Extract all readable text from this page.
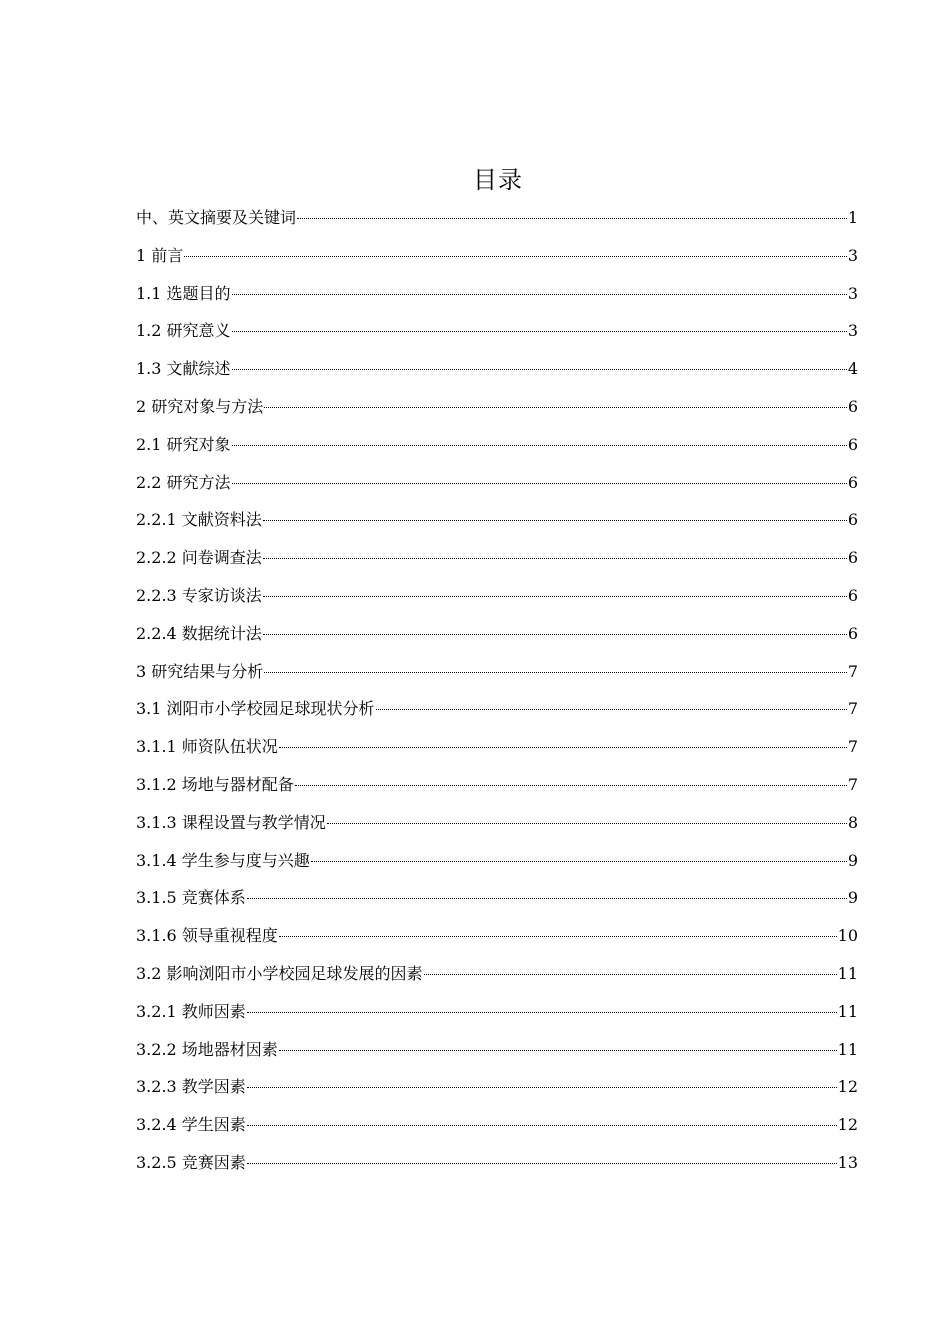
目录
中、英文摘要及关键词	1
1 前言	3
1.1 选题目的	3
1.2 研究意义	3
1.3 文献综述	4
2 研究对象与方法	6
2.1 研究对象	6
2.2 研究方法	6
2.2.1 文献资料法	6
2.2.2 问卷调查法	6
2.2.3 专家访谈法	6
2.2.4 数据统计法	6
3 研究结果与分析	7
3.1 浏阳市小学校园足球现状分析	7
3.1.1 师资队伍状况	7
3.1.2 场地与器材配备	7
3.1.3 课程设置与教学情况	8
3.1.4 学生参与度与兴趣	9
3.1.5 竞赛体系	9
3.1.6 领导重视程度	10
3.2 影响浏阳市小学校园足球发展的因素	11
3.2.1 教师因素	11
3.2.2 场地器材因素	11
3.2.3 教学因素	12
3.2.4 学生因素	12
3.2.5 竞赛因素	13
